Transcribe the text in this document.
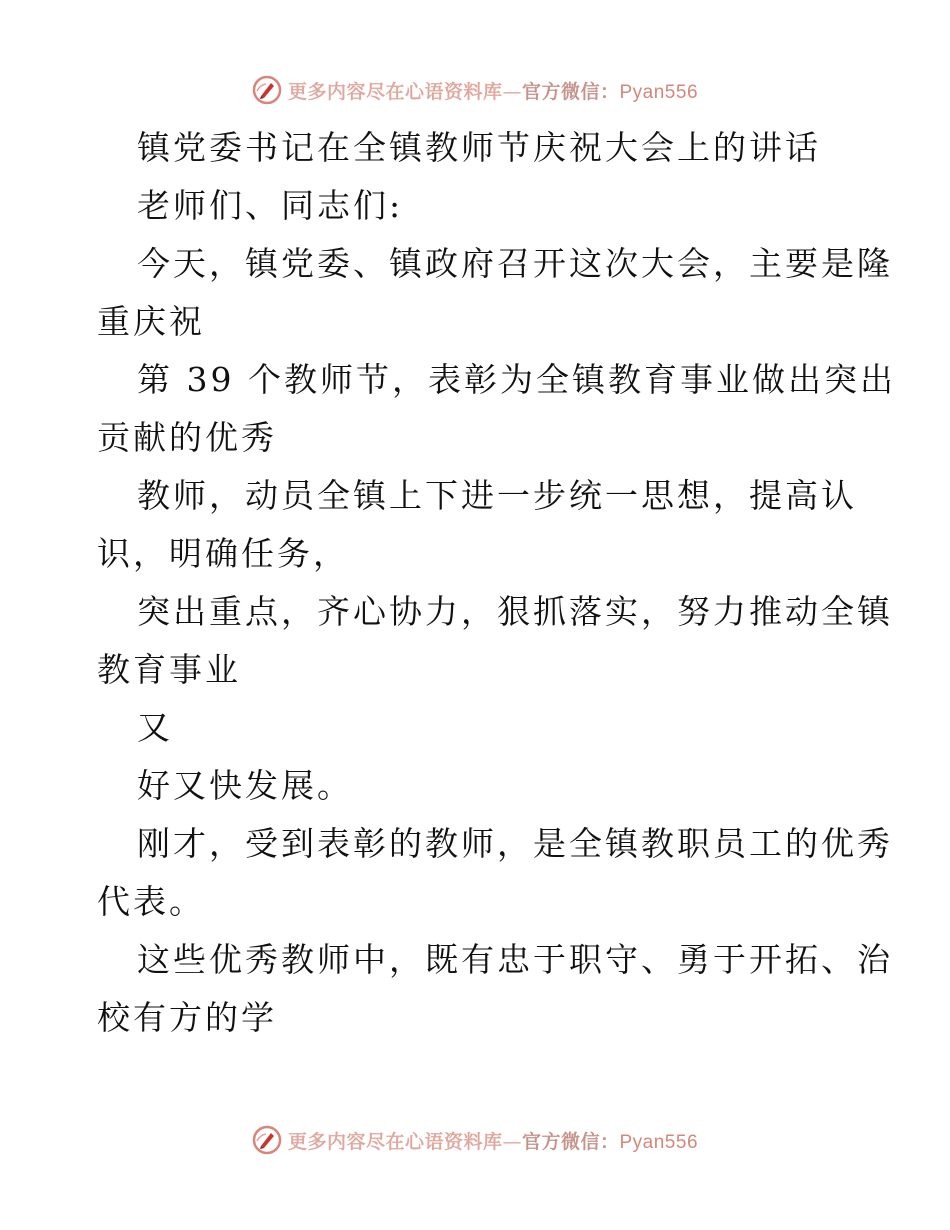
更多内容尽在心语资料库—官方微信：Pyan556
镇党委书记在全镇教师节庆祝大会上的讲话
老师们、同志们:
今天，镇党委、镇政府召开这次大会，主要是隆
重庆祝
第 39 个教师节，表彰为全镇教育事业做出突出
贡献的优秀
教师，动员全镇上下进一步统一思想，提高认
识，明确任务，
突出重点，齐心协力，狠抓落实，努力推动全镇
教育事业
又
好又快发展。
刚才，受到表彰的教师，是全镇教职员工的优秀
代表。
这些优秀教师中，既有忠于职守、勇于开拓、治
校有方的学
更多内容尽在心语资料库—官方微信：Pyan556
